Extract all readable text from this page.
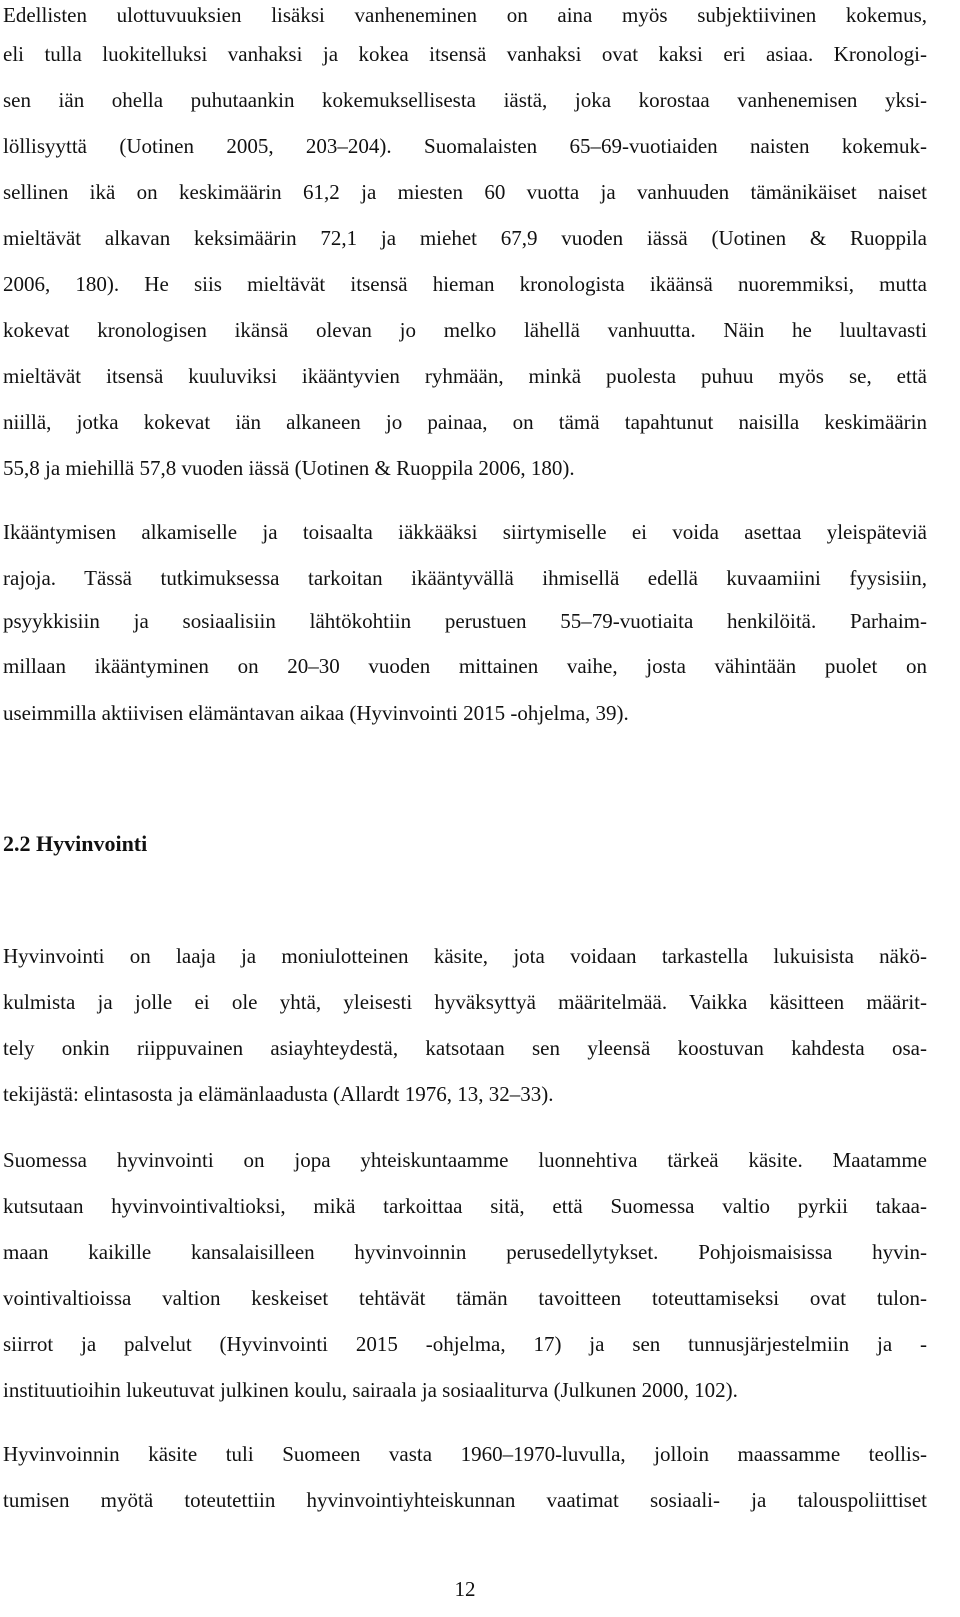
Edellisten ulottuvuuksien lisäksi vanheneminen on aina myös subjektiivinen kokemus,
eli tulla luokitelluksi vanhaksi ja kokea itsensä vanhaksi ovat kaksi eri asiaa. Kronologi-
sen iän ohella puhutaankin kokemuksellisesta iästä, joka korostaa vanhenemisen yksi-
löllisyyttä (Uotinen 2005, 203–204). Suomalaisten 65–69-vuotiaiden naisten kokemuk-
sellinen ikä on keskimäärin 61,2 ja miesten 60 vuotta ja vanhuuden tämänikäiset naiset
mieltävät alkavan keksimäärin 72,1 ja miehet 67,9 vuoden iässä (Uotinen & Ruoppila
2006, 180). He siis mieltävät itsensä hieman kronologista ikäänsä nuoremmiksi, mutta
kokevat kronologisen ikänsä olevan jo melko lähellä vanhuutta. Näin he luultavasti
mieltävät itsensä kuuluviksi ikääntyvien ryhmään, minkä puolesta puhuu myös se, että
niillä, jotka kokevat iän alkaneen jo painaa, on tämä tapahtunut naisilla keskimäärin
55,8 ja miehillä 57,8 vuoden iässä (Uotinen & Ruoppila 2006, 180).
Ikääntymisen alkamiselle ja toisaalta iäkkääksi siirtymiselle ei voida asettaa yleispäteviä
rajoja. Tässä tutkimuksessa tarkoitan ikääntyvällä ihmisellä edellä kuvaamiini fyysisiin,
psyykkisiin ja sosiaalisiin lähtökohtiin perustuen 55–79-vuotiaita henkilöitä. Parhaim-
millaan ikääntyminen on 20–30 vuoden mittainen vaihe, josta vähintään puolet on
useimmilla aktiivisen elämäntavan aikaa (Hyvinvointi 2015 -ohjelma, 39).
2.2 Hyvinvointi
Hyvinvointi on laaja ja moniulotteinen käsite, jota voidaan tarkastella lukuisista näkö-
kulmista ja jolle ei ole yhtä, yleisesti hyväksyttyä määritelmää. Vaikka käsitteen määrit-
tely onkin riippuvainen asiayhteydestä, katsotaan sen yleensä koostuvan kahdesta osa-
tekijästä: elintasosta ja elämänlaadusta (Allardt 1976, 13, 32–33).
Suomessa hyvinvointi on jopa yhteiskuntaamme luonnehtiva tärkeä käsite. Maatamme
kutsutaan hyvinvointivaltioksi, mikä tarkoittaa sitä, että Suomessa valtio pyrkii takaa-
maan kaikille kansalaisilleen hyvinvoinnin perusedellytykset. Pohjoismaisissa hyvin-
vointivaltioissa valtion keskeiset tehtävät tämän tavoitteen toteuttamiseksi ovat tulon-
siirrot ja palvelut (Hyvinvointi 2015 -ohjelma, 17) ja sen tunnusjärjestelmiin ja -
instituutioihin lukeutuvat julkinen koulu, sairaala ja sosiaaliturva (Julkunen 2000, 102).
Hyvinvoinnin käsite tuli Suomeen vasta 1960–1970-luvulla, jolloin maassamme teollis-
tumisen myötä toteutettiin hyvinvointiyhteiskunnan vaatimat sosiaali- ja talouspoliittiset
12
